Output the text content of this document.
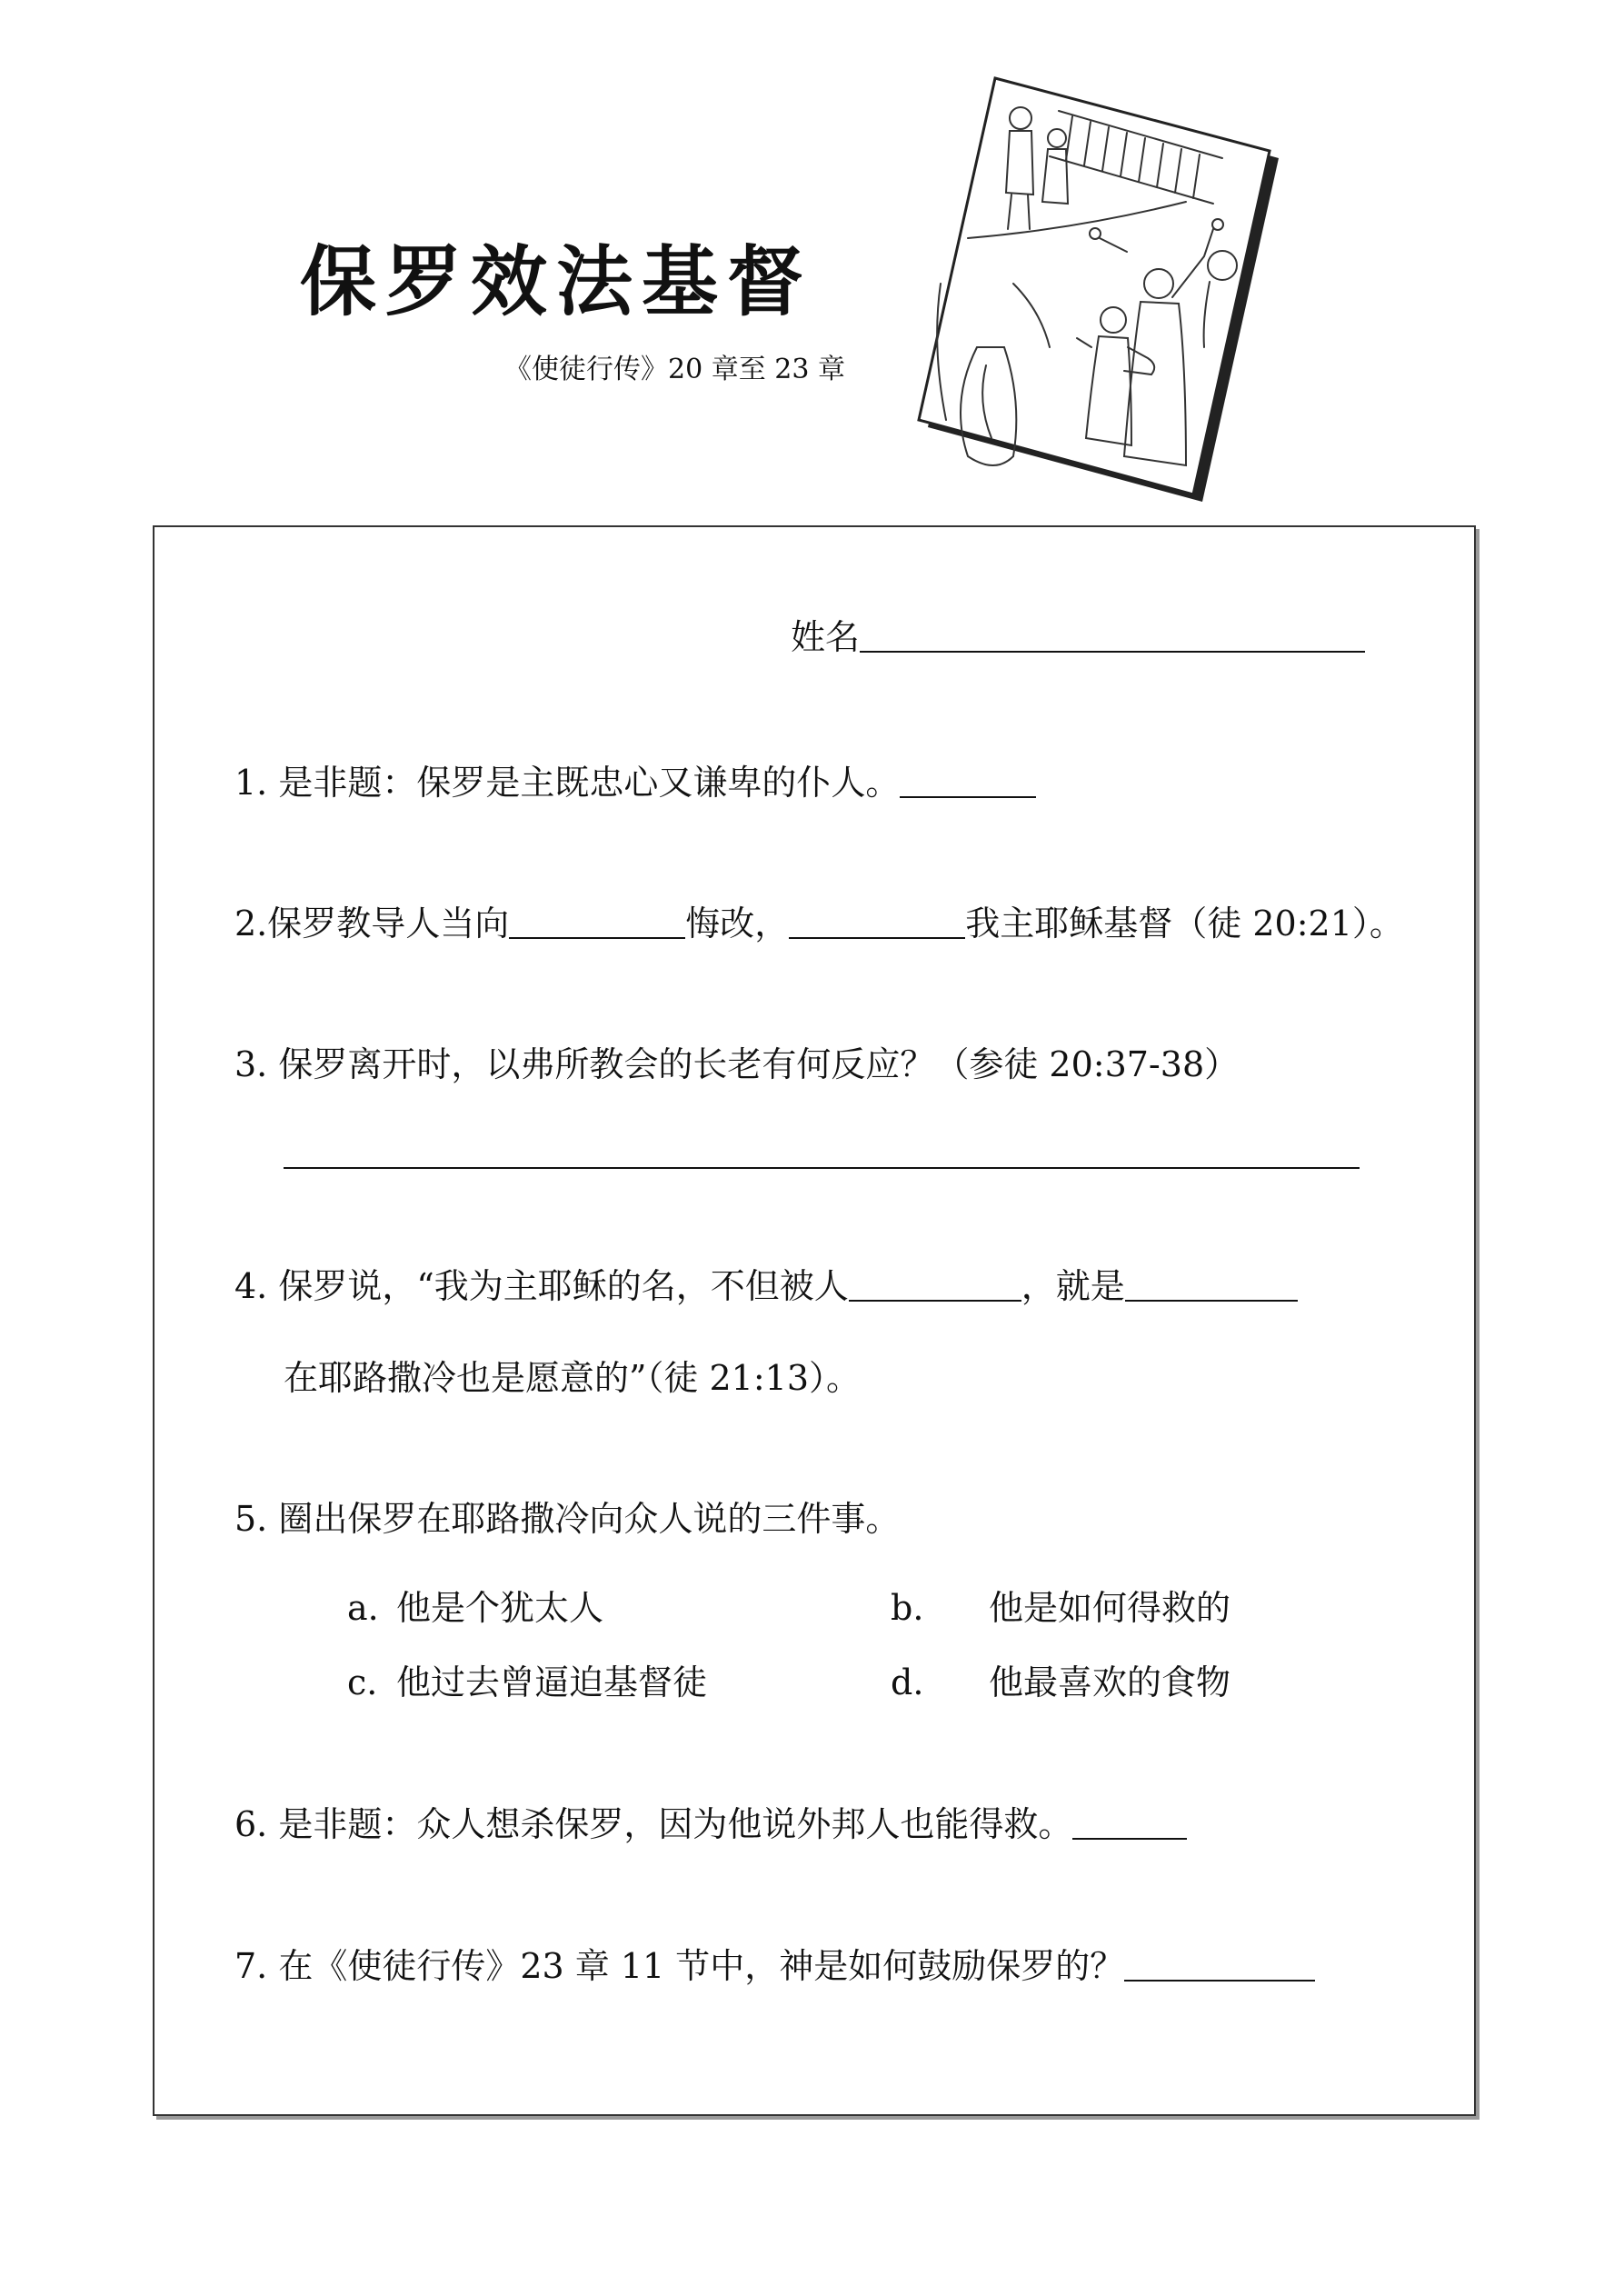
保罗效法基督
《使徒行传》20 章至 23 章
姓名
1. 是非题：保罗是主既忠心又谦卑的仆人。
2.保罗教导人当向	悔改，	我主耶稣基督（徒 20:21）。
3. 保罗离开时，以弗所教会的长老有何反应？（参徒 20:37-38）
4. 保罗说，“我为主耶稣的名，不但被人	，就是
在耶路撒冷也是愿意的”（徒 21:13）。
5. 圈出保罗在耶路撒冷向众人说的三件事。
a. 他是个犹太人	b. 他是如何得救的
c. 他过去曾逼迫基督徒	d. 他最喜欢的食物
6. 是非题：众人想杀保罗，因为他说外邦人也能得救。
7. 在《使徒行传》23 章 11 节中，神是如何鼓励保罗的？
